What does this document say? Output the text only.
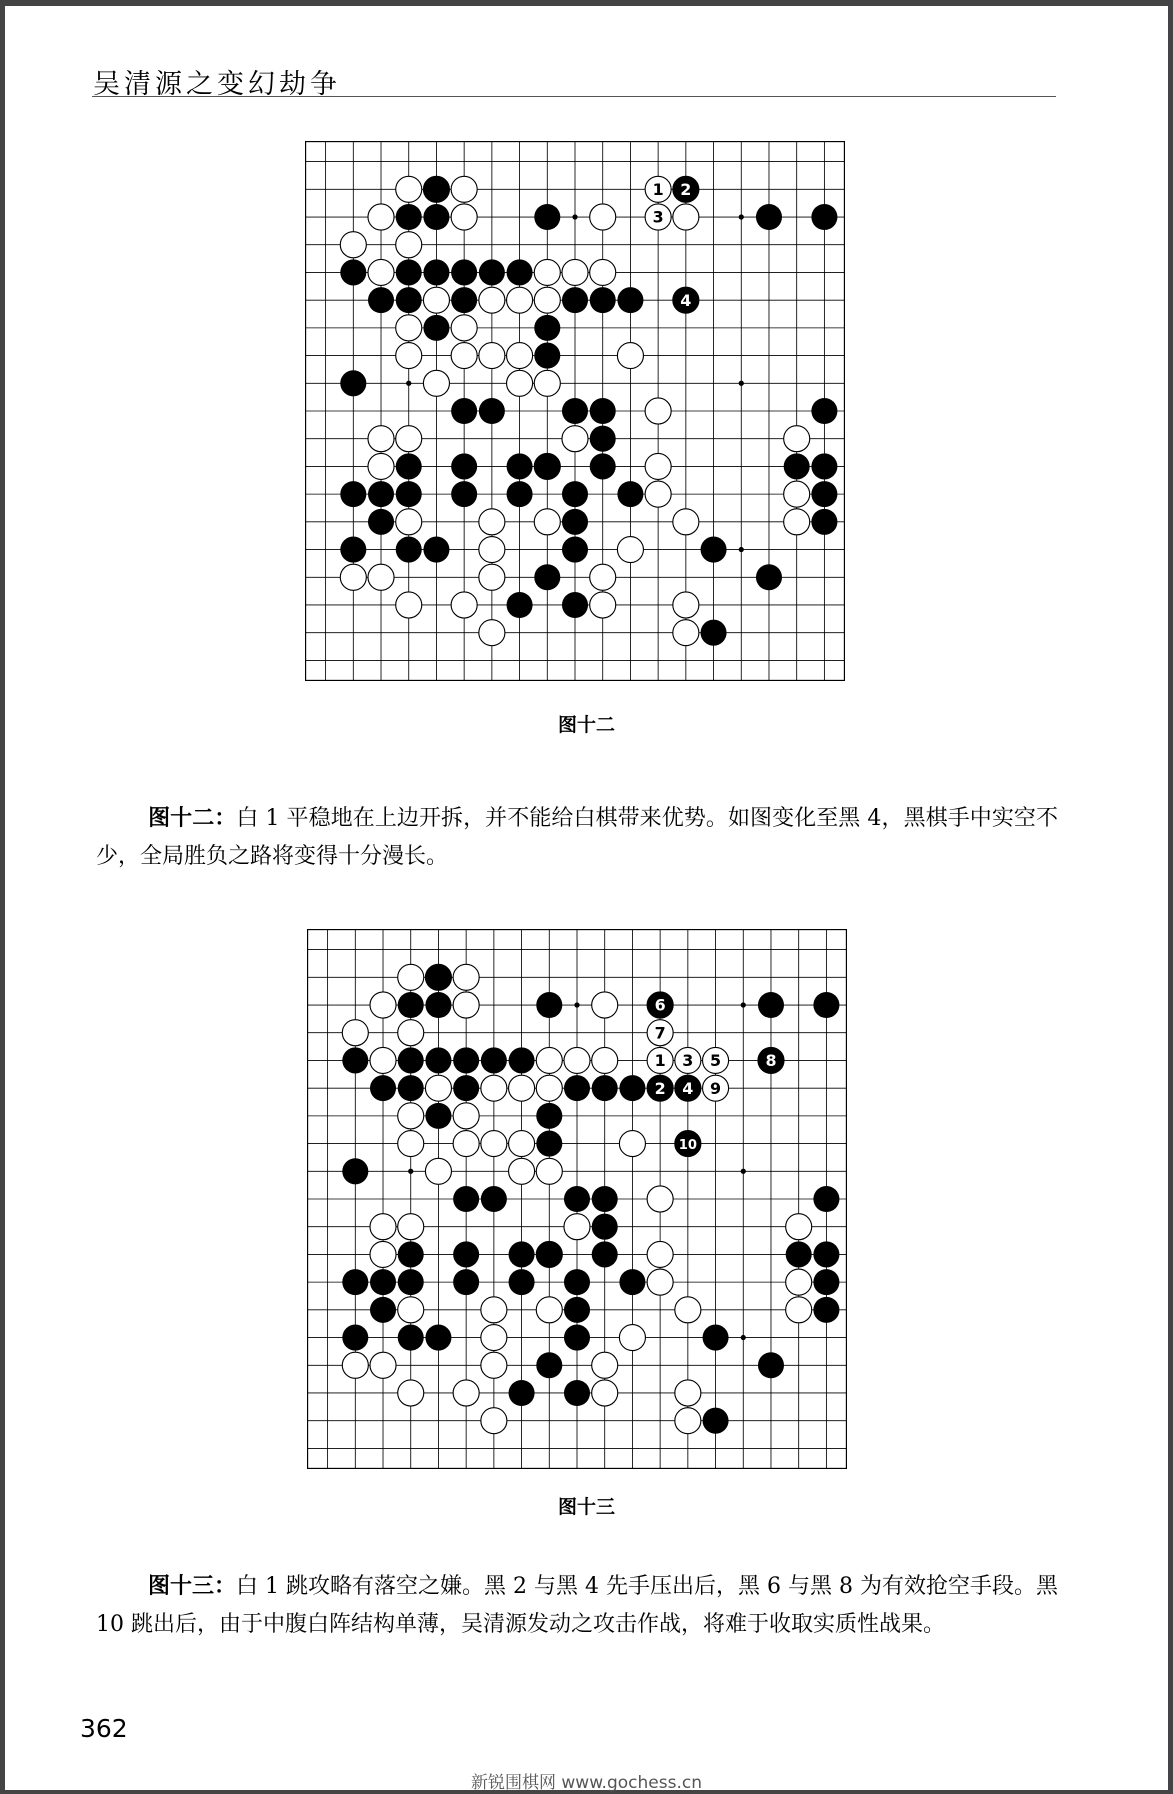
吴清源之变幻劫争
1 2
3
4
图十二
图十二：白 1 平稳地在上边开拆，并不能给白棋带来优势。如图变化至黑 4，黑棋手中实空不少，全局胜负之路将变得十分漫长。
1
2
3
4
5
6
7
8
9
10
图十三
图十三：白 1 跳攻略有落空之嫌。黑 2 与黑 4 先手压出后，黑 6 与黑 8 为有效抢空手段。黑 10 跳出后，由于中腹白阵结构单薄，吴清源发动之攻击作战，将难于收取实质性战果。
362
新锐围棋网 www.gochess.cn
